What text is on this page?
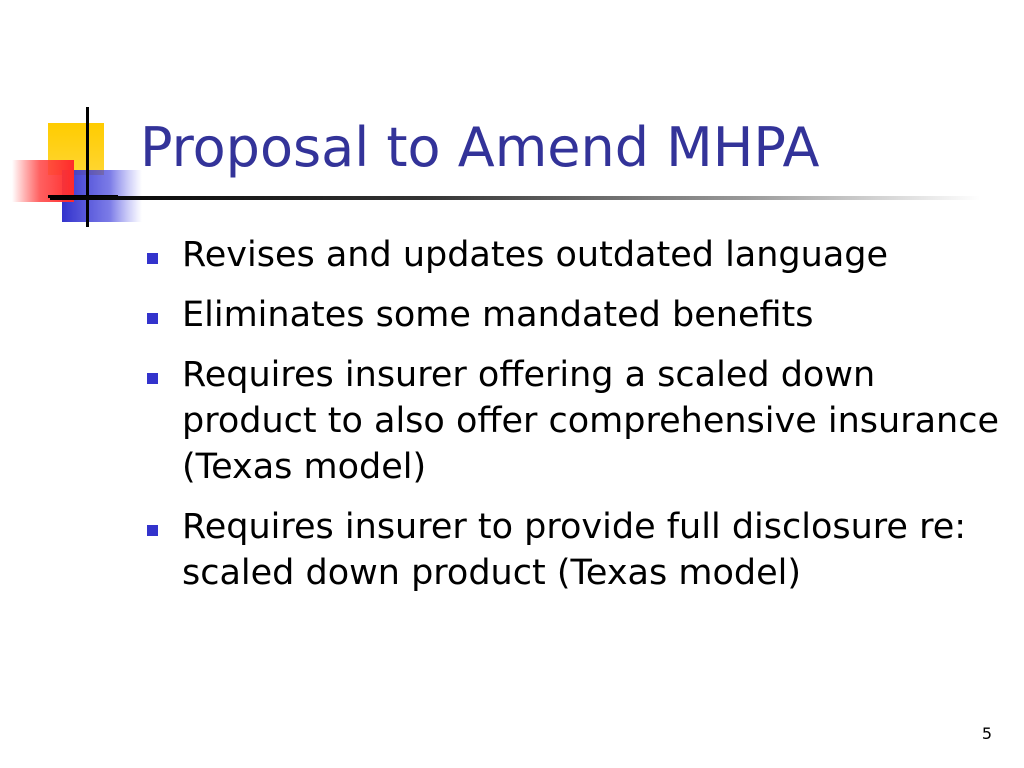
Proposal to Amend MHPA
Revises and updates outdated language
Eliminates some mandated benefits
Requires insurer offering a scaled down product to also offer comprehensive insurance (Texas model)
Requires insurer to provide full disclosure re: scaled down product (Texas model)
5
